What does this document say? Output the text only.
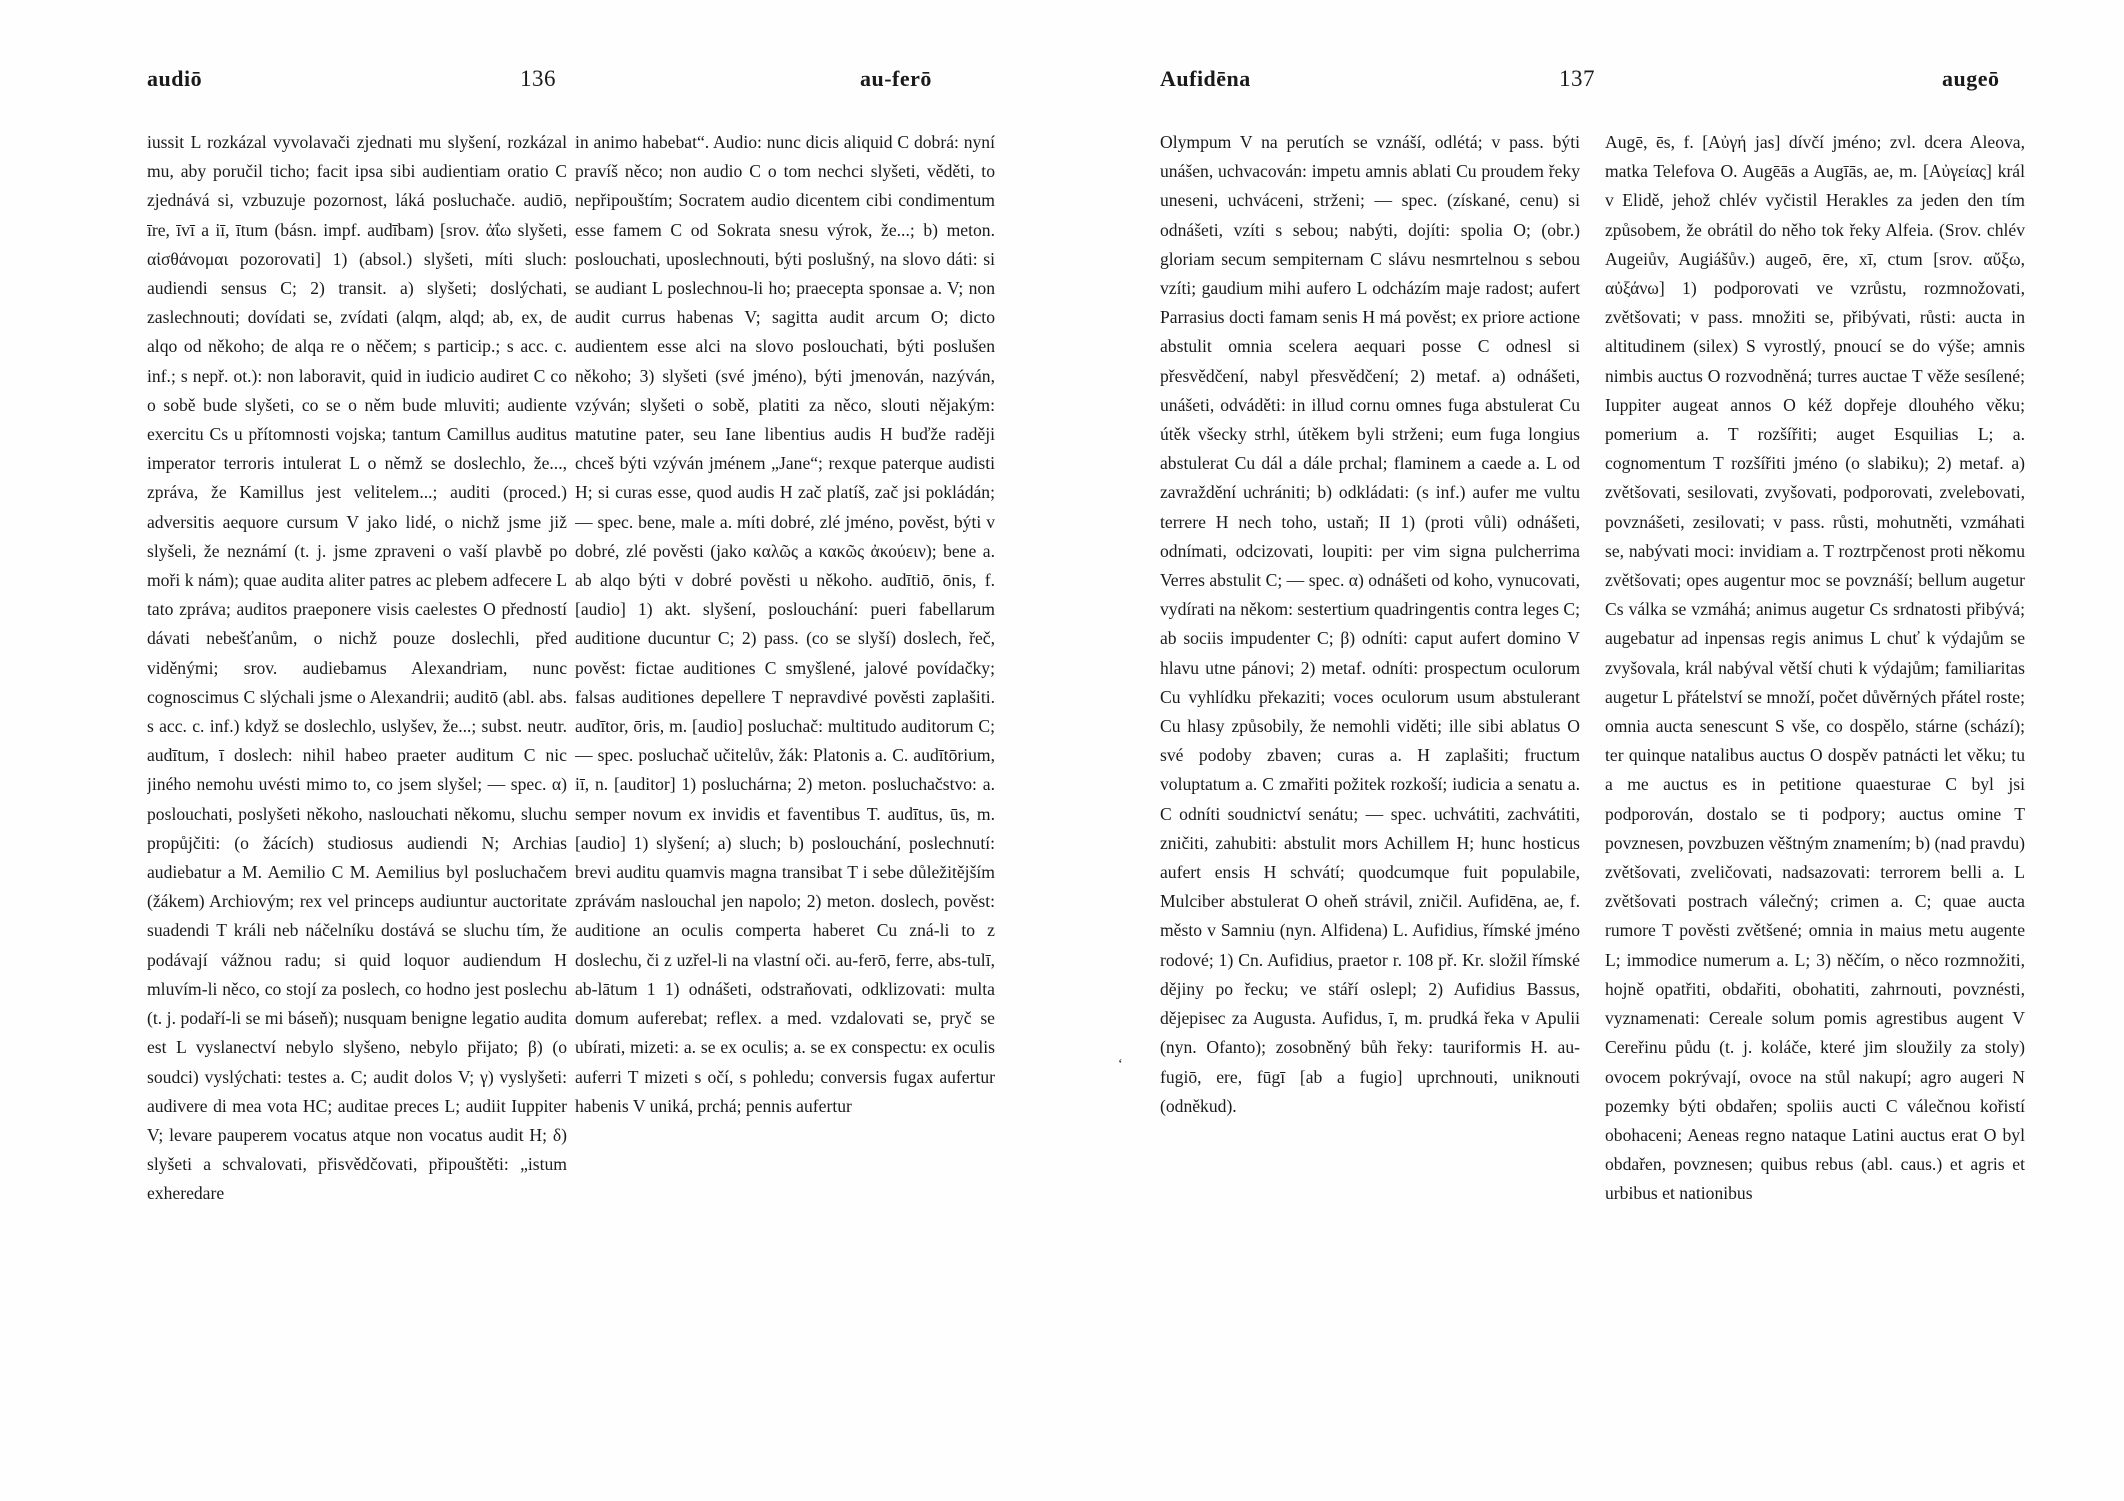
audiō	136	au-ferō

iussit L rozkázal vyvolavači zjednati mu slyšení, rozkázal mu, aby poručil ticho; facit ipsa sibi audientiam oratio C zjednává si, vzbuzuje pozornost, láká posluchače. audiō, īre, īvī a iī, ītum (básn. impf. audībam) [srov. ἀΐω slyšeti, αἰσθάνομαι pozorovati] 1) (absol.) slyšeti, míti sluch: audiendi sensus C; 2) transit. a) slyšeti; doslýchati, zaslechnouti; dovídati se, zvídati (alqm, alqd; ab, ex, de alqo od někoho; de alqa re o něčem; s particip.; s acc. c. inf.; s nepř. ot.): non laboravit, quid in iudicio audiret C co o sobě bude slyšeti, co se o něm bude mluviti; audiente exercitu Cs u přítomnosti vojska; tantum Camillus auditus imperator terroris intulerat L o němž se doslechlo, že..., zpráva, že Kamillus jest velitelem...; auditi (proced.) adversitis aequore cursum V jako lidé, o nichž jsme již slyšeli, že neznámí (t. j. jsme zpraveni o vaší plavbě po moři k nám); quae audita aliter patres ac plebem adfecere L tato zpráva; auditos praeponere visis caelestes O předností dávati nebešťanům, o nichž pouze doslechli, před viděnými; srov. audiebamus Alexandriam, nunc cognoscimus C slýchali jsme o Alexandrii; auditō (abl. abs. s acc. c. inf.) když se doslechlo, uslyšev, že...; subst. neutr. audītum, ī doslech: nihil habeo praeter auditum C nic jiného nemohu uvésti mimo to, co jsem slyšel; — spec. α) poslouchati, poslyšeti někoho, naslouchati někomu, sluchu propůjčiti: (o žácích) studiosus audiendi N; Archias audiebatur a M. Aemilio C M. Aemilius byl posluchačem (žákem) Archiovým; rex vel princeps audiuntur auctoritate suadendi T králi neb náčelníku dostává se sluchu tím, že podávají vážnou radu; si quid loquor audiendum H mluvím-li něco, co stojí za poslech, co hodno jest poslechu (t. j. podaří-li se mi báseň); nusquam benigne legatio audita est L vyslanectví nebylo slyšeno, nebylo přijato; β) (o soudci) vyslýchati: testes a. C; audit dolos V; γ) vyslyšeti: audivere di mea vota HC; auditae preces L; audiit Iuppiter V; levare pauperem vocatus atque non vocatus audit H; δ) slyšeti a schvalovati, přisvědčovati, připouštěti: „istum exheredare

in animo habebat“. Audio: nunc dicis aliquid C dobrá: nyní pravíš něco; non audio C o tom nechci slyšeti, věděti, to nepřipouštím; Socratem audio dicentem cibi condimentum esse famem C od Sokrata snesu výrok, že...; b) meton. poslouchati, uposlechnouti, býti poslušný, na slovo dáti: si se audiant L poslechnou-li ho; praecepta sponsae a. V; non audit currus habenas V; sagitta audit arcum O; dicto audientem esse alci na slovo poslouchati, býti poslušen někoho; 3) slyšeti (své jméno), býti jmenován, nazýván, vzýván; slyšeti o sobě, platiti za něco, slouti nějakým: matutine pater, seu Iane libentius audis H buďže raději chceš býti vzýván jménem „Jane“; rexque paterque audisti H; si curas esse, quod audis H zač platíš, zač jsi pokládán; — spec. bene, male a. míti dobré, zlé jméno, pověst, býti v dobré, zlé pověsti (jako καλῶς a κακῶς ἀκούειν); bene a. ab alqo býti v dobré pověsti u někoho. audītiō, ōnis, f. [audio] 1) akt. slyšení, poslouchání: pueri fabellarum auditione ducuntur C; 2) pass. (co se slyší) doslech, řeč, pověst: fictae auditiones C smyšlené, jalové povídačky; falsas auditiones depellere T nepravdivé pověsti zaplašiti. audītor, ōris, m. [audio] posluchač: multitudo auditorum C; — spec. posluchač učitelův, žák: Platonis a. C. audītōrium, iī, n. [auditor] 1) posluchárna; 2) meton. posluchačstvo: a. semper novum ex invidis et faventibus T. audītus, ūs, m. [audio] 1) slyšení; a) sluch; b) poslouchání, poslechnutí: brevi auditu quamvis magna transibat T i sebe důležitějším zprávám naslouchal jen napolo; 2) meton. doslech, pověst: auditione an oculis comperta haberet Cu zná-li to z doslechu, či z uzřel-li na vlastní oči. au-ferō, ferre, abs-tulī, ab-lātum 1 1) odnášeti, odstraňovati, odklizovati: multa domum auferebat; reflex. a med. vzdalovati se, pryč se ubírati, mizeti: a. se ex oculis; a. se ex conspectu: ex oculis auferri T mizeti s očí, s pohledu; conversis fugax aufertur habenis V uniká, prchá; pennis aufertur

Aufidēna	137	augeō

Olympum V na perutích se vznáší, odlétá; v pass. býti unášen, uchvacován: impetu amnis ablati Cu proudem řeky uneseni, uchváceni, strženi; — spec. (získané, cenu) si odnášeti, vzíti s sebou; nabýti, dojíti: spolia O; (obr.) gloriam secum sempiternam C slávu nesmrtelnou s sebou vzíti; gaudium mihi aufero L odcházím maje radost; aufert Parrasius docti famam senis H má pověst; ex priore actione abstulit omnia scelera aequari posse C odnesl si přesvědčení, nabyl přesvědčení; 2) metaf. a) odnášeti, unášeti, odváděti: in illud cornu omnes fuga abstulerat Cu útěk všecky strhl, útěkem byli strženi; eum fuga longius abstulerat Cu dál a dále prchal; flaminem a caede a. L od zavraždění uchrániti; b) odkládati: (s inf.) aufer me vultu terrere H nech toho, ustaň; II 1) (proti vůli) odnášeti, odnímati, odcizovati, loupiti: per vim signa pulcherrima Verres abstulit C; — spec. α) odnášeti od koho, vynucovati, vydírati na někom: sestertium quadringentis contra leges C; ab sociis impudenter C; β) odníti: caput aufert domino V hlavu utne pánovi; 2) metaf. odníti: prospectum oculorum Cu vyhlídku překaziti; voces oculorum usum abstulerant Cu hlasy způsobily, že nemohli viděti; ille sibi ablatus O své podoby zbaven; curas a. H zaplašiti; fructum voluptatum a. C zmařiti požitek rozkoší; iudicia a senatu a. C odníti soudnictví senátu; — spec. uchvátiti, zachvátiti, zničiti, zahubiti: abstulit mors Achillem H; hunc hosticus aufert ensis H schvátí; quodcumque fuit populabile, Mulciber abstulerat O oheň strávil, zničil. Aufidēna, ae, f. město v Samniu (nyn. Alfidena) L. Aufidius, římské jméno rodové; 1) Cn. Aufidius, praetor r. 108 př. Kr. složil římské dějiny po řecku; ve stáří oslepl; 2) Aufidius Bassus, dějepisec za Augusta. Aufidus, ī, m. prudká řeka v Apulii (nyn. Ofanto); zosobněný bůh řeky: tauriformis H. au-fugiō, ere, fūgī [ab a fugio] uprchnouti, uniknouti (odněkud).

Augē, ēs, f. [Αὐγή jas] dívčí jméno; zvl. dcera Aleova, matka Telefova O. Augēās a Augīās, ae, m. [Αὐγείας] král v Elidě, jehož chlév vyčistil Herakles za jeden den tím způsobem, že obrátil do něho tok řeky Alfeia. (Srov. chlév Augeiův, Augiášův.) augeō, ēre, xī, ctum [srov. αὔξω, αὐξάνω] 1) podporovati ve vzrůstu, rozmnožovati, zvětšovati; v pass. množiti se, přibývati, růsti: aucta in altitudinem (silex) S vyrostlý, pnoucí se do výše; amnis nimbis auctus O rozvodněná; turres auctae T věže sesílené; Iuppiter augeat annos O kéž dopřeje dlouhého věku; pomerium a. T rozšířiti; auget Esquilias L; a. cognomentum T rozšířiti jméno (o slabiku); 2) metaf. a) zvětšovati, sesilovati, zvyšovati, podporovati, zvelebovati, povznášeti, zesilovati; v pass. růsti, mohutněti, vzmáhati se, nabývati moci: invidiam a. T roztrpčenost proti někomu zvětšovati; opes augentur moc se povznáší; bellum augetur Cs válka se vzmáhá; animus augetur Cs srdnatosti přibývá; augebatur ad inpensas regis animus L chuť k výdajům se zvyšovala, král nabýval větší chuti k výdajům; familiaritas augetur L přátelství se množí, počet důvěrných přátel roste; omnia aucta senescunt S vše, co dospělo, stárne (schází); ter quinque natalibus auctus O dospěv patnácti let věku; tu a me auctus es in petitione quaesturae C byl jsi podporován, dostalo se ti podpory; auctus omine T povznesen, povzbuzen věštným znamením; b) (nad pravdu) zvětšovati, zveličovati, nadsazovati: terrorem belli a. L zvětšovati postrach válečný; crimen a. C; quae aucta rumore T pověsti zvětšené; omnia in maius metu augente L; immodice numerum a. L; 3) něčím, o něco rozmnožiti, hojně opatřiti, obdařiti, obohatiti, zahrnouti, povznésti, vyznamenati: Cereale solum pomis agrestibus augent V Cereřinu půdu (t. j. koláče, které jim sloužily za stoly) ovocem pokrývají, ovoce na stůl nakupí; agro augeri N pozemky býti obdařen; spoliis aucti C válečnou kořistí obohaceni; Aeneas regno nataque Latini auctus erat O byl obdařen, povznesen; quibus rebus (abl. caus.) et agris et urbibus et nationibus

‘
